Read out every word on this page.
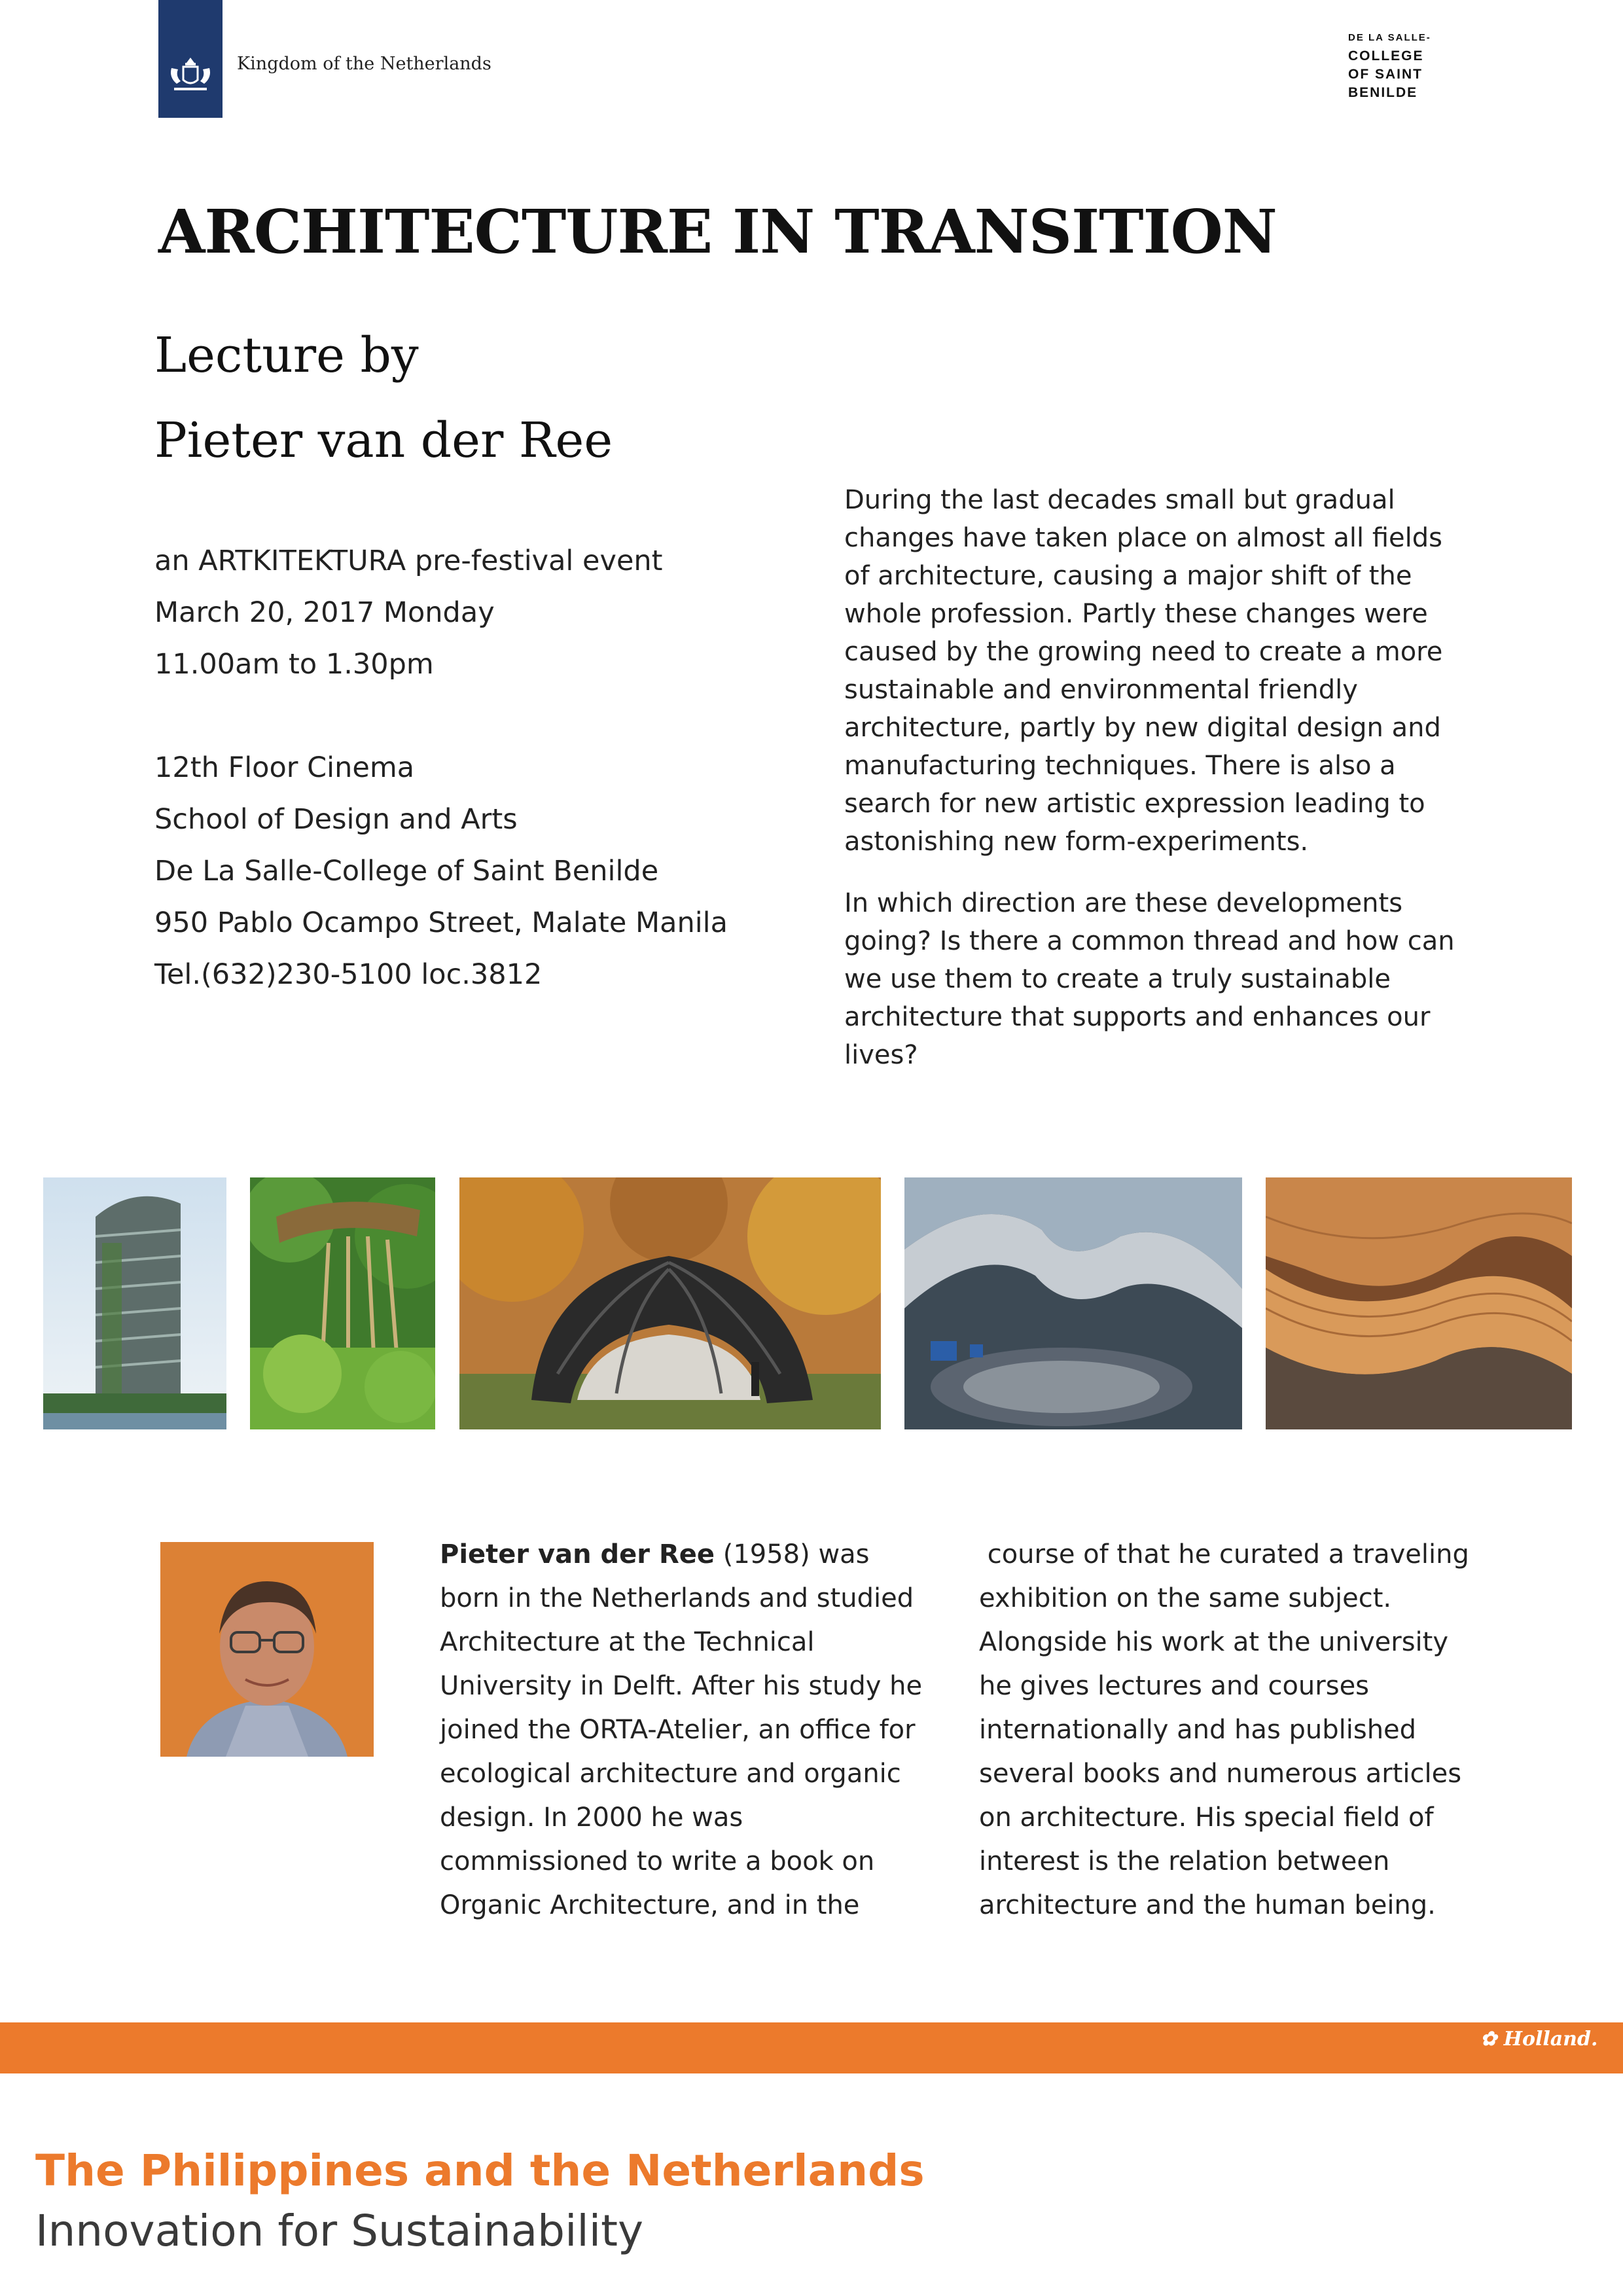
Kingdom of the Netherlands
DE LA SALLE-
COLLEGE
OF SAINT
BENILDE
ARCHITECTURE IN TRANSITION
Lecture by
Pieter van der Ree
an ARTKITEKTURA pre-festival event
March 20, 2017 Monday
11.00am to 1.30pm
12th Floor Cinema
School of Design and Arts
De La Salle-College of Saint Benilde
950 Pablo Ocampo Street, Malate Manila
Tel.(632)230-5100 loc.3812

During the last decades small but gradual changes have taken place on almost all fields of architecture, causing a major shift of the whole profession. Partly these changes were caused by the growing need to create a more sustainable and environmental friendly architecture, partly by new digital design and manufacturing techniques. There is also a search for new artistic expression leading to astonishing new form-experiments.

In which direction are these developments going? Is there a common thread and how can we use them to create a truly sustainable architecture that supports and enhances our lives?

Pieter van der Ree (1958) was born in the Netherlands and studied Architecture at the Technical University in Delft. After his study he joined the ORTA-Atelier, an office for ecological architecture and organic design. In 2000 he was commissioned to write a book on Organic Architecture, and in the
course of that he curated a traveling exhibition on the same subject. Alongside his work at the university he gives lectures and courses internationally and has published several books and numerous articles on architecture. His special field of interest is the relation between architecture and the human being.
✿ Holland.
The Philippines and the Netherlands
Innovation for Sustainability
